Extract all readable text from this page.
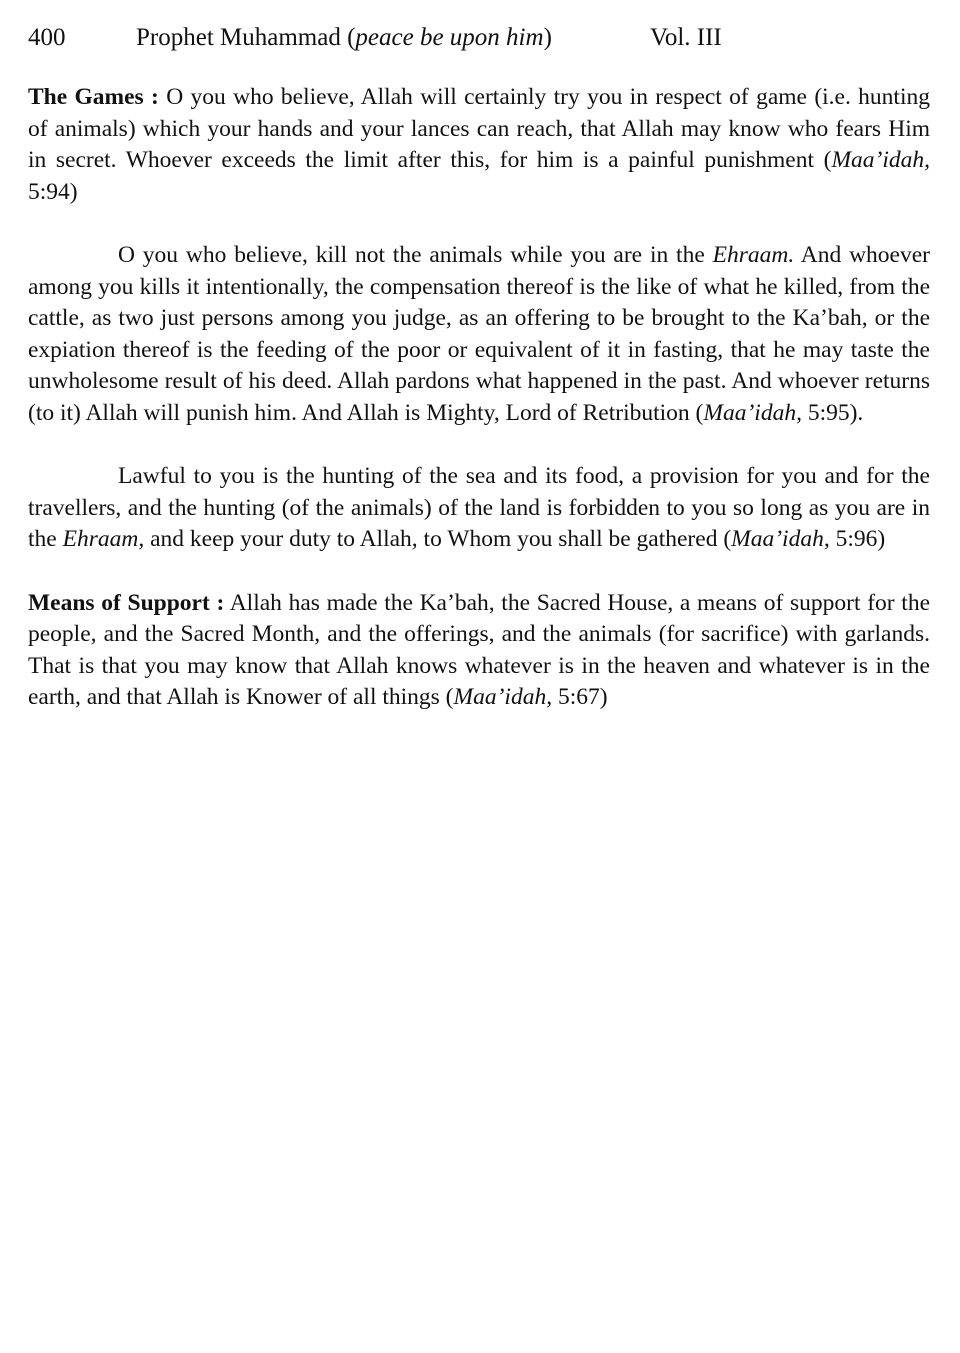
400	Prophet Muhammad (peace be upon him)	Vol. III

The Games : O you who believe, Allah will certainly try you in respect of game (i.e. hunting of animals) which your hands and your lances can reach, that Allah may know who fears Him in secret. Whoever exceeds the limit after this, for him is a painful punishment (Maa’idah, 5:94)

O you who believe, kill not the animals while you are in the Ehraam. And whoever among you kills it intentionally, the compensation thereof is the like of what he killed, from the cattle, as two just persons among you judge, as an offering to be brought to the Ka’bah, or the expiation thereof is the feeding of the poor or equivalent of it in fasting, that he may taste the unwholesome result of his deed. Allah pardons what happened in the past. And whoever returns (to it) Allah will punish him. And Allah is Mighty, Lord of Retribution (Maa’idah, 5:95).

Lawful to you is the hunting of the sea and its food, a provision for you and for the travellers, and the hunting (of the animals) of the land is forbidden to you so long as you are in the Ehraam, and keep your duty to Allah, to Whom you shall be gathered (Maa’idah, 5:96)

Means of Support : Allah has made the Ka’bah, the Sacred House, a means of support for the people, and the Sacred Month, and the offerings, and the animals (for sacrifice) with garlands. That is that you may know that Allah knows whatever is in the heaven and whatever is in the earth, and that Allah is Knower of all things (Maa’idah, 5:67)
